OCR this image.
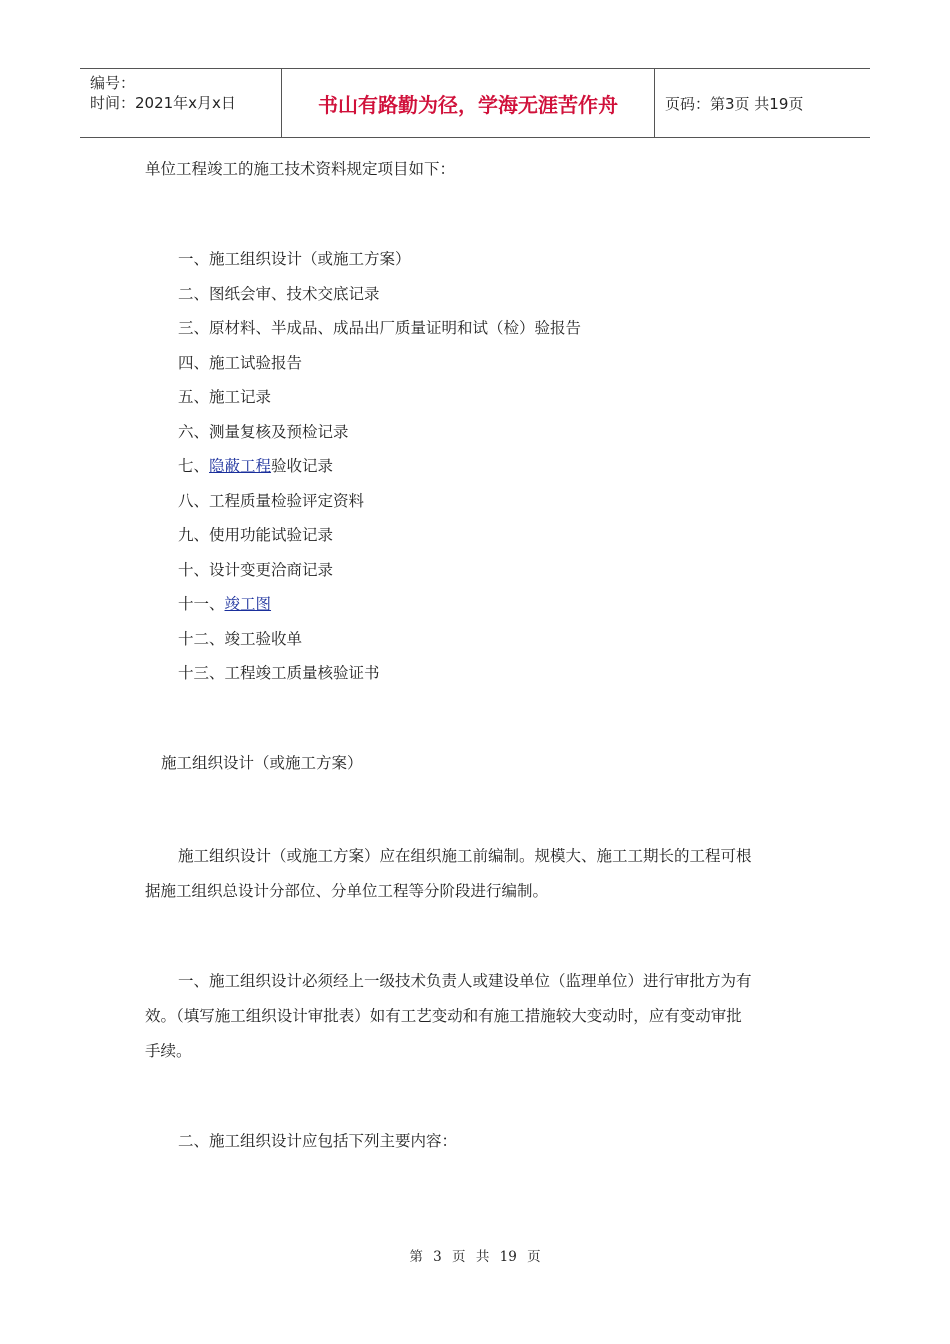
编号：
时间：2021年x月x日	书山有路勤为径，学海无涯苦作舟	页码：第3页 共19页
单位工程竣工的施工技术资料规定项目如下：
一、施工组织设计（或施工方案）
二、图纸会审、技术交底记录
三、原材料、半成品、成品出厂质量证明和试（检）验报告
四、施工试验报告
五、施工记录
六、测量复核及预检记录
七、隐蔽工程验收记录
八、工程质量检验评定资料
九、使用功能试验记录
十、设计变更洽商记录
十一、竣工图
十二、竣工验收单
十三、工程竣工质量核验证书
施工组织设计（或施工方案）
施工组织设计（或施工方案）应在组织施工前编制。规模大、施工工期长的工程可根
据施工组织总设计分部位、分单位工程等分阶段进行编制。
一、施工组织设计必须经上一级技术负责人或建设单位（监理单位）进行审批方为有
效。（填写施工组织设计审批表）如有工艺变动和有施工措施较大变动时，应有变动审批
手续。
二、施工组织设计应包括下列主要内容：
第 3 页 共 19 页
